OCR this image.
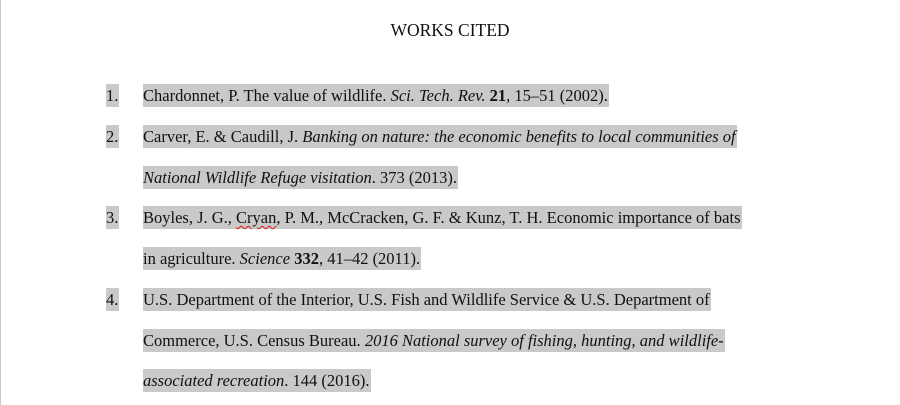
WORKS CITED
1. Chardonnet, P. The value of wildlife. Sci. Tech. Rev. 21, 15–51 (2002).
2. Carver, E. & Caudill, J. Banking on nature: the economic benefits to local communities of
National Wildlife Refuge visitation. 373 (2013).
3. Boyles, J. G., Cryan, P. M., McCracken, G. F. & Kunz, T. H. Economic importance of bats
in agriculture. Science 332, 41–42 (2011).
4. U.S. Department of the Interior, U.S. Fish and Wildlife Service & U.S. Department of
Commerce, U.S. Census Bureau. 2016 National survey of fishing, hunting, and wildlife-
associated recreation. 144 (2016).
